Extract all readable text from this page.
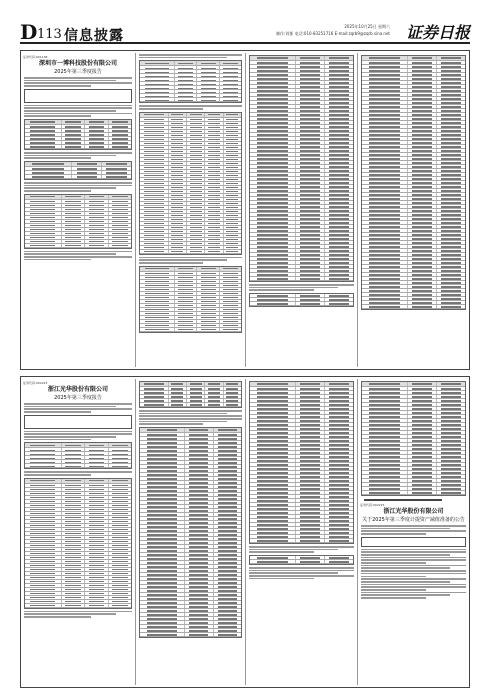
D 113 信息披露
2025年10月25日 星期六
制作:刘郁 电话:010-83251716 E-mail:zqrb9@zqrb.sina.net 证券日报
证券代码:601138
深圳市一博科技股份有限公司
2025年第三季度报告
证券代码:002215
浙江光华股份有限公司
2025年第三季度报告
证券代码:002215
浙江光华股份有限公司
关于2025年第三季度计提资产减值准备的公告
